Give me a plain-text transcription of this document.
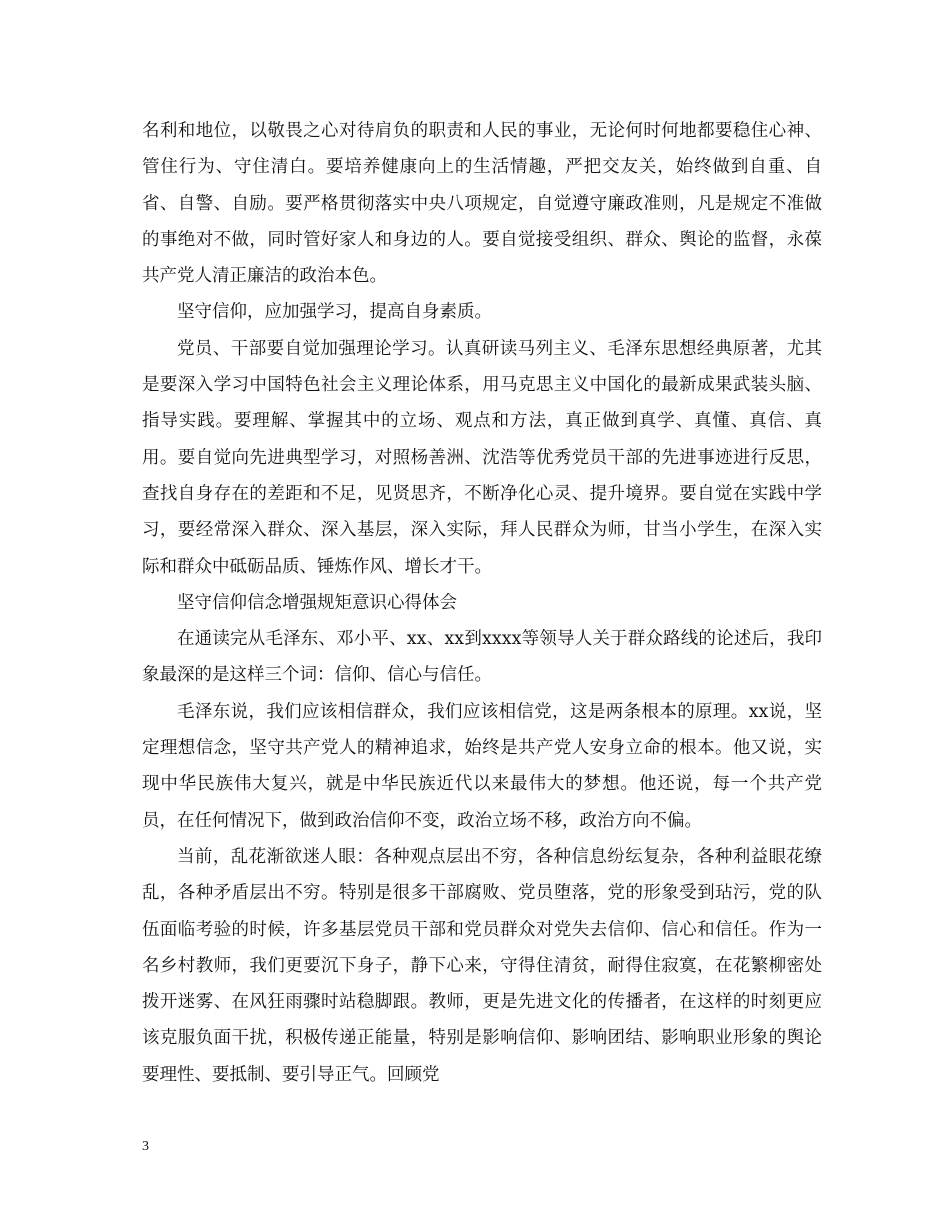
名利和地位，以敬畏之心对待肩负的职责和人民的事业，无论何时何地都要稳住心神、管住行为、守住清白。要培养健康向上的生活情趣，严把交友关，始终做到自重、自省、自警、自励。要严格贯彻落实中央八项规定，自觉遵守廉政准则，凡是规定不准做的事绝对不做，同时管好家人和身边的人。要自觉接受组织、群众、舆论的监督，永葆共产党人清正廉洁的政治本色。

坚守信仰，应加强学习，提高自身素质。

党员、干部要自觉加强理论学习。认真研读马列主义、毛泽东思想经典原著，尤其是要深入学习中国特色社会主义理论体系，用马克思主义中国化的最新成果武装头脑、指导实践。要理解、掌握其中的立场、观点和方法，真正做到真学、真懂、真信、真用。要自觉向先进典型学习，对照杨善洲、沈浩等优秀党员干部的先进事迹进行反思，查找自身存在的差距和不足，见贤思齐，不断净化心灵、提升境界。要自觉在实践中学习，要经常深入群众、深入基层，深入实际，拜人民群众为师，甘当小学生，在深入实际和群众中砥砺品质、锤炼作风、增长才干。

坚守信仰信念增强规矩意识心得体会

在通读完从毛泽东、邓小平、xx、xx到xxxx等领导人关于群众路线的论述后，我印象最深的是这样三个词：信仰、信心与信任。

毛泽东说，我们应该相信群众，我们应该相信党，这是两条根本的原理。xx说，坚定理想信念，坚守共产党人的精神追求，始终是共产党人安身立命的根本。他又说，实现中华民族伟大复兴，就是中华民族近代以来最伟大的梦想。他还说，每一个共产党员，在任何情况下，做到政治信仰不变，政治立场不移，政治方向不偏。

当前，乱花渐欲迷人眼：各种观点层出不穷，各种信息纷纭复杂，各种利益眼花缭乱，各种矛盾层出不穷。特别是很多干部腐败、党员堕落，党的形象受到玷污，党的队伍面临考验的时候，许多基层党员干部和党员群众对党失去信仰、信心和信任。作为一名乡村教师，我们更要沉下身子，静下心来，守得住清贫，耐得住寂寞，在花繁柳密处拨开迷雾、在风狂雨骤时站稳脚跟。教师，更是先进文化的传播者，在这样的时刻更应该克服负面干扰，积极传递正能量，特别是影响信仰、影响团结、影响职业形象的舆论要理性、要抵制、要引导正气。回顾党

3
